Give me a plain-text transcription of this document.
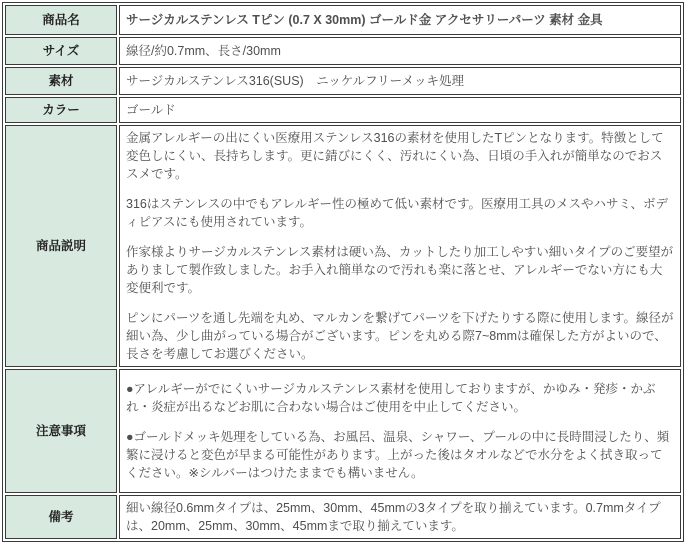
商品名	サージカルステンレス Tピン (0.7 X 30mm) ゴールド金 アクセサリーパーツ 素材 金具
サイズ	線径/約0.7mm、長さ/30mm
素材	サージカルステンレス316(SUS)　ニッケルフリーメッキ処理
カラー	ゴールド
商品説明	金属アレルギーの出にくい医療用ステンレス316の素材を使用したTピンとなります。特徴として変色しにくい、長持ちします。更に錆びにくく、汚れにくい為、日頃の手入れが簡単なのでおススメです。

316はステンレスの中でもアレルギー性の極めて低い素材です。医療用工具のメスやハサミ、ボディピアスにも使用されています。

作家様よりサージカルステンレス素材は硬い為、カットしたり加工しやすい細いタイプのご要望がありまして製作致しました。お手入れ簡単なので汚れも楽に落とせ、アレルギーでない方にも大変便利です。

ピンにパーツを通し先端を丸め、マルカンを繋げてパーツを下げたりする際に使用します。線径が細い為、少し曲がっている場合がございます。ピンを丸める際7~8mmは確保した方がよいので、長さを考慮してお選びください。

注意事項	●アレルギーがでにくいサージカルステンレス素材を使用しておりますが、かゆみ・発疹・かぶれ・炎症が出るなどお肌に合わない場合はご使用を中止してください。

●ゴールドメッキ処理をしている為、お風呂、温泉、シャワー、プールの中に長時間浸したり、頻繁に浸けると変色が早まる可能性があります。上がった後はタオルなどで水分をよく拭き取ってください。※シルバーはつけたままでも構いません。

備考	細い線径0.6mmタイプは、25mm、30mm、45mmの3タイプを取り揃えています。0.7mmタイプは、20mm、25mm、30mm、45mmまで取り揃えています。
